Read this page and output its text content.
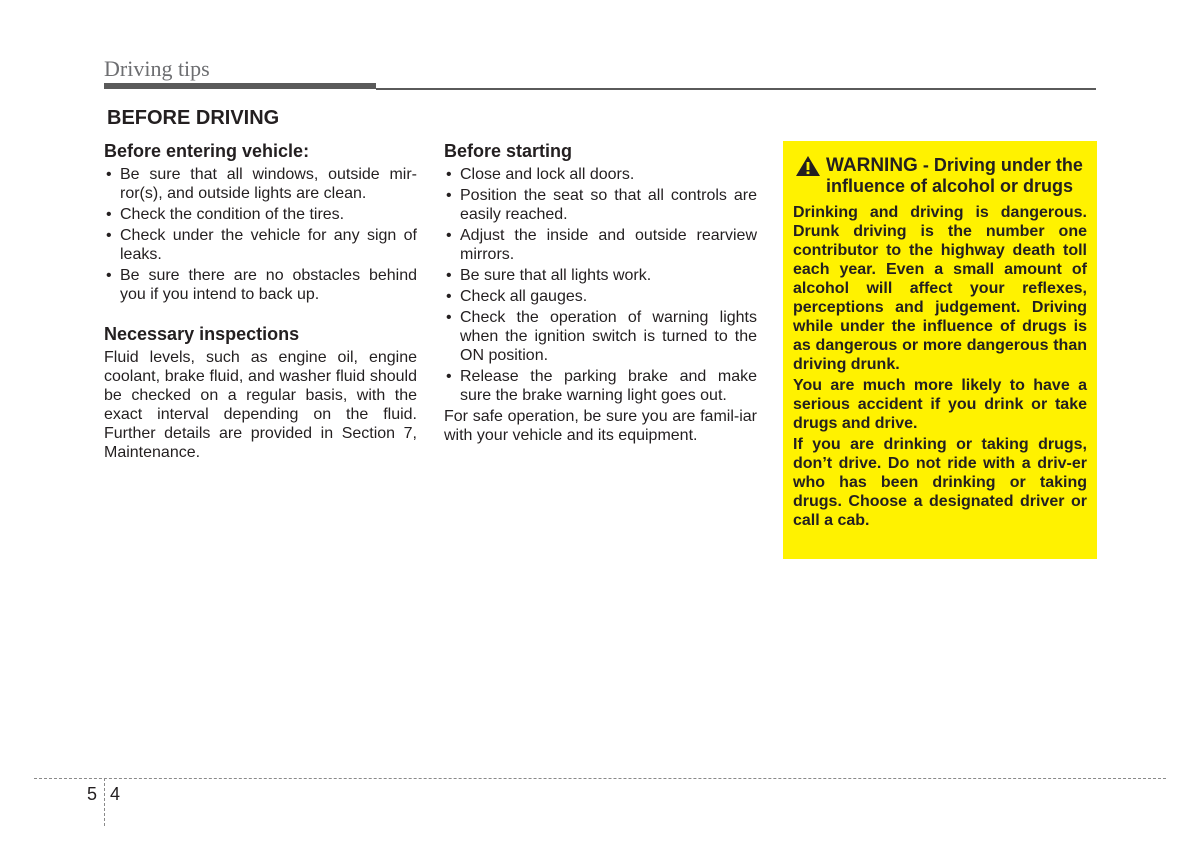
Driving tips
BEFORE DRIVING
Before entering vehicle:
• Be sure that all windows, outside mir-ror(s), and outside lights are clean.
• Check the condition of the tires.
• Check under the vehicle for any sign of leaks.
• Be sure there are no obstacles behind you if you intend to back up.
Necessary inspections

Fluid levels, such as engine oil, engine coolant, brake fluid, and washer fluid should be checked on a regular basis, with the exact interval depending on the fluid. Further details are provided in Section 7, Maintenance.

Before starting
• Close and lock all doors.
• Position the seat so that all controls are easily reached.
• Adjust the inside and outside rearview mirrors.
• Be sure that all lights work.
• Check all gauges.
• Check the operation of warning lights when the ignition switch is turned to the ON position.
• Release the parking brake and make sure the brake warning light goes out.

For safe operation, be sure you are famil-iar with your vehicle and its equipment.

WARNING - Driving under the influence of alcohol or drugs

Drinking and driving is dangerous. Drunk driving is the number one contributor to the highway death toll each year. Even a small amount of alcohol will affect your reflexes, perceptions and judgement. Driving while under the influence of drugs is as dangerous or more dangerous than driving drunk.

You are much more likely to have a serious accident if you drink or take drugs and drive.

If you are drinking or taking drugs, don’t drive. Do not ride with a driv-er who has been drinking or taking drugs. Choose a designated driver or call a cab.

5 4
